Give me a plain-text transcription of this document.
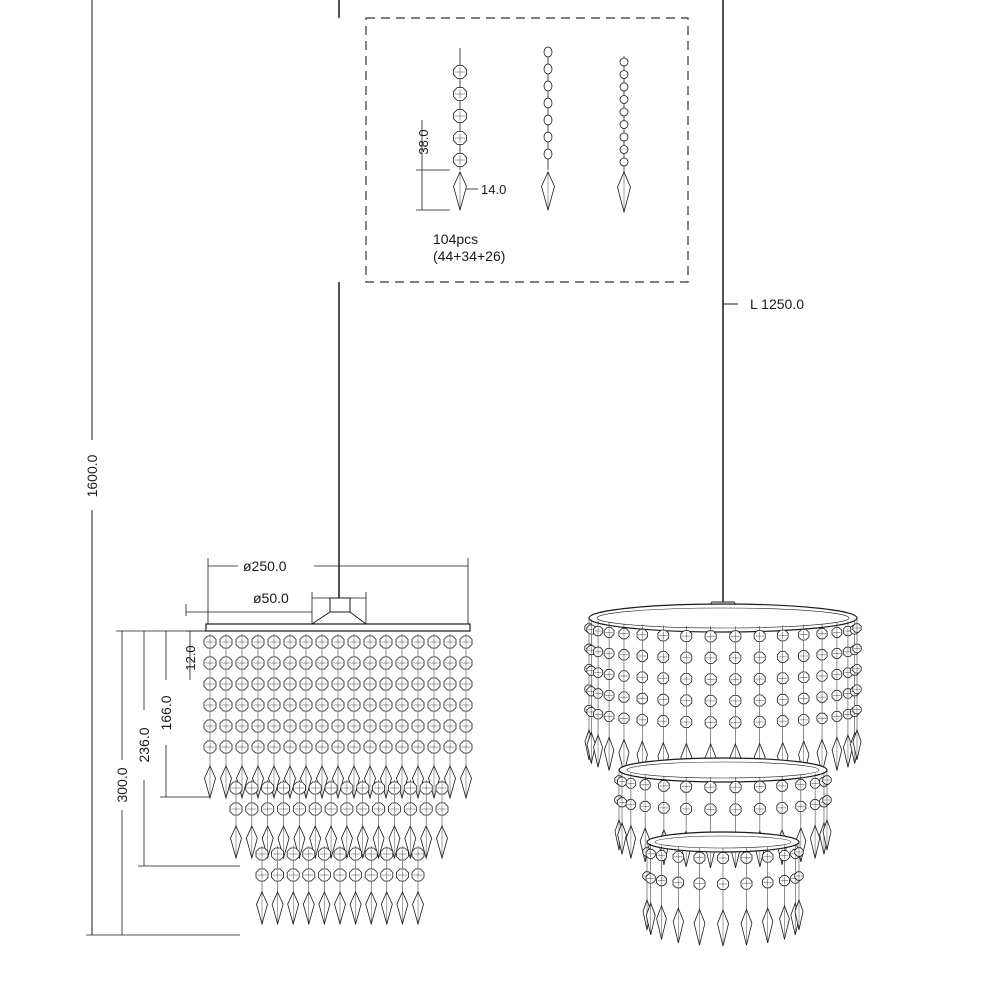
1600.0
L 1250.0
38.0
14.0
104pcs
(44+34+26)
ø250.0
ø50.0
12.0
166.0
236.0
300.0
